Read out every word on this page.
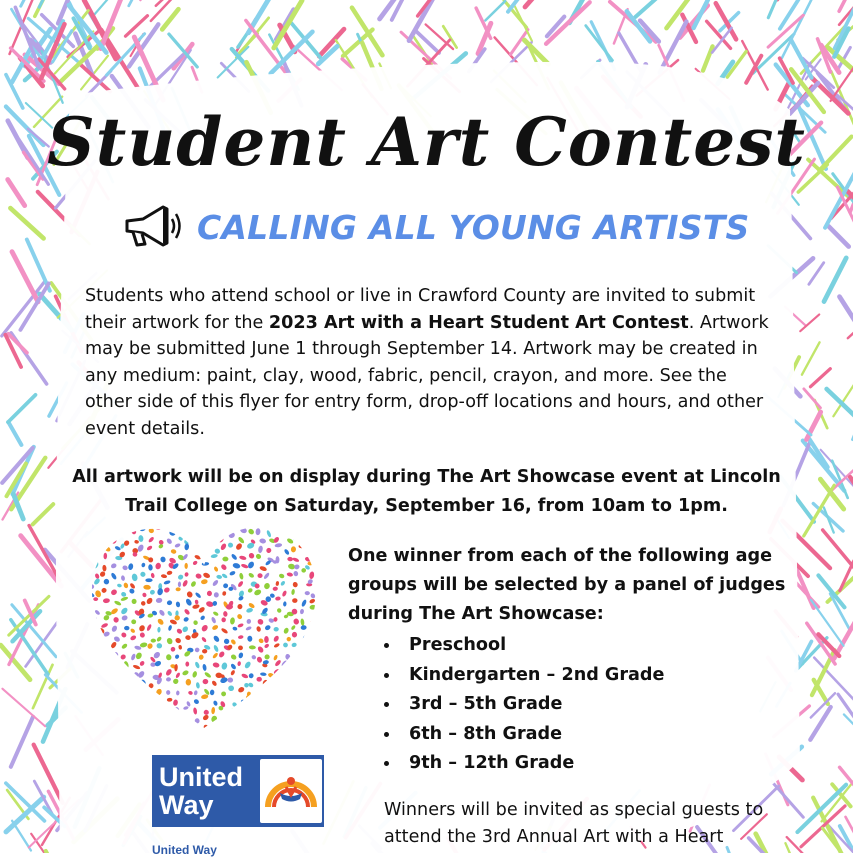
Student Art Contest
CALLING ALL YOUNG ARTISTS
Students who attend school or live in Crawford County are invited to submit their artwork for the 2023 Art with a Heart Student Art Contest. Artwork may be submitted June 1 through September 14. Artwork may be created in any medium: paint, clay, wood, fabric, pencil, crayon, and more. See the other side of this flyer for entry form, drop-off locations and hours, and other event details.
All artwork will be on display during The Art Showcase event at Lincoln Trail College on Saturday, September 16, from 10am to 1pm.
One winner from each of the following age groups will be selected by a panel of judges during The Art Showcase:
Preschool
Kindergarten – 2nd Grade
3rd – 5th Grade
6th – 8th Grade
9th – 12th Grade
United Way
United Way
Winners will be invited as special guests to attend the 3rd Annual Art with a Heart
